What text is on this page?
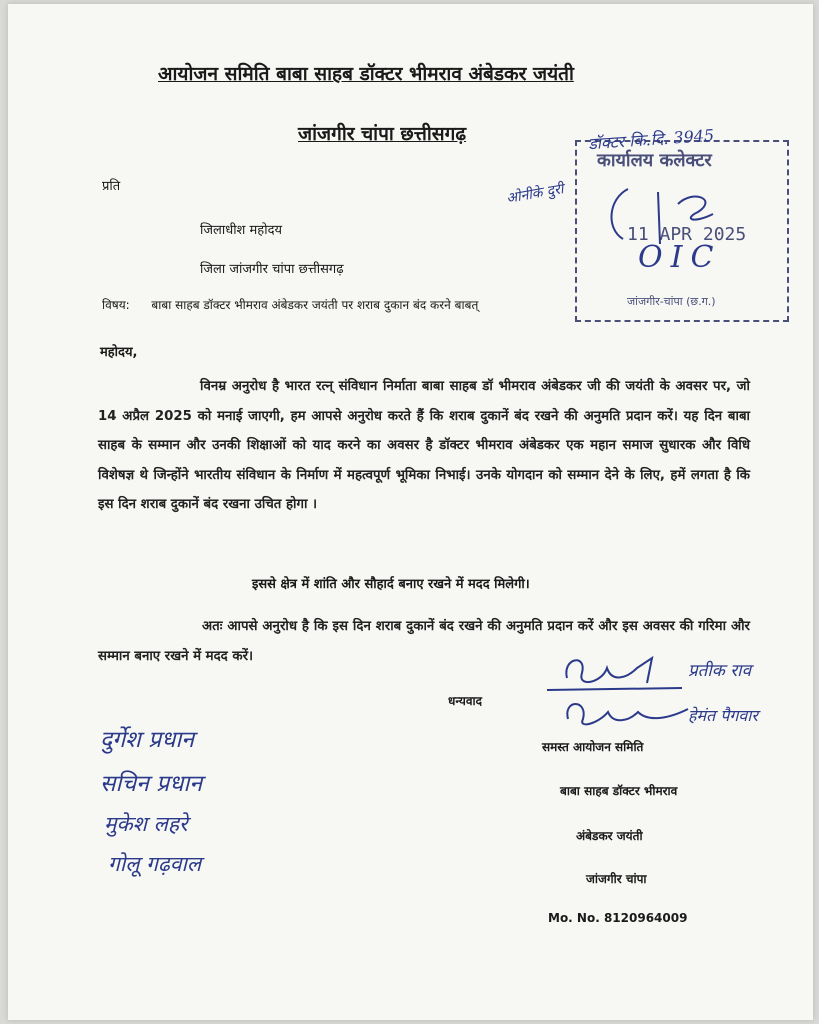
आयोजन समिति बाबा साहब डॉक्टर भीमराव अंबेडकर जयंती
जांजगीर चांपा छत्तीसगढ़
प्रति
जिलाधीश महोदय
जिला जांजगीर चांपा छत्तीसगढ़
विषय: बाबा साहब डॉक्टर भीमराव अंबेडकर जयंती पर शराब दुकान बंद करने बाबत्
महोदय,
विनम्र अनुरोध है भारत रत्न् संविधान निर्माता बाबा साहब डॉ भीमराव अंबेडकर जी की जयंती के अवसर पर, जो 14 अप्रैल 2025 को मनाई जाएगी, हम आपसे अनुरोध करते हैं कि शराब दुकानें बंद रखने की अनुमति प्रदान करें। यह दिन बाबा साहब के सम्मान और उनकी शिक्षाओं को याद करने का अवसर है डॉक्टर भीमराव अंबेडकर एक महान समाज सुधारक और विधि विशेषज्ञ थे जिन्होंने भारतीय संविधान के निर्माण में महत्वपूर्ण भूमिका निभाई। उनके योगदान को सम्मान देने के लिए, हमें लगता है कि इस दिन शराब दुकानें बंद रखना उचित होगा ।
इससे क्षेत्र में शांति और सौहार्द बनाए रखने में मदद मिलेगी।
अतः आपसे अनुरोध है कि इस दिन शराब दुकानें बंद रखने की अनुमति प्रदान करें और इस अवसर की गरिमा और सम्मान बनाए रखने में मदद करें।
धन्यवाद
समस्त आयोजन समिति
बाबा साहब डॉक्टर भीमराव
अंबेडकर जयंती
जांजगीर चांपा
Mo. No. 8120964009
कार्यालय कलेक्टर
11 APR 2025
जांजगीर-चांपा (छ.ग.)
डॉक्टर कि.दि. 3945
OIC
ओनीके दुरी
प्रतीक राव
हेमंत पैगवार
दुर्गेश प्रधान
सचिन प्रधान
मुकेश लहरे
गोलू गढ़वाल
